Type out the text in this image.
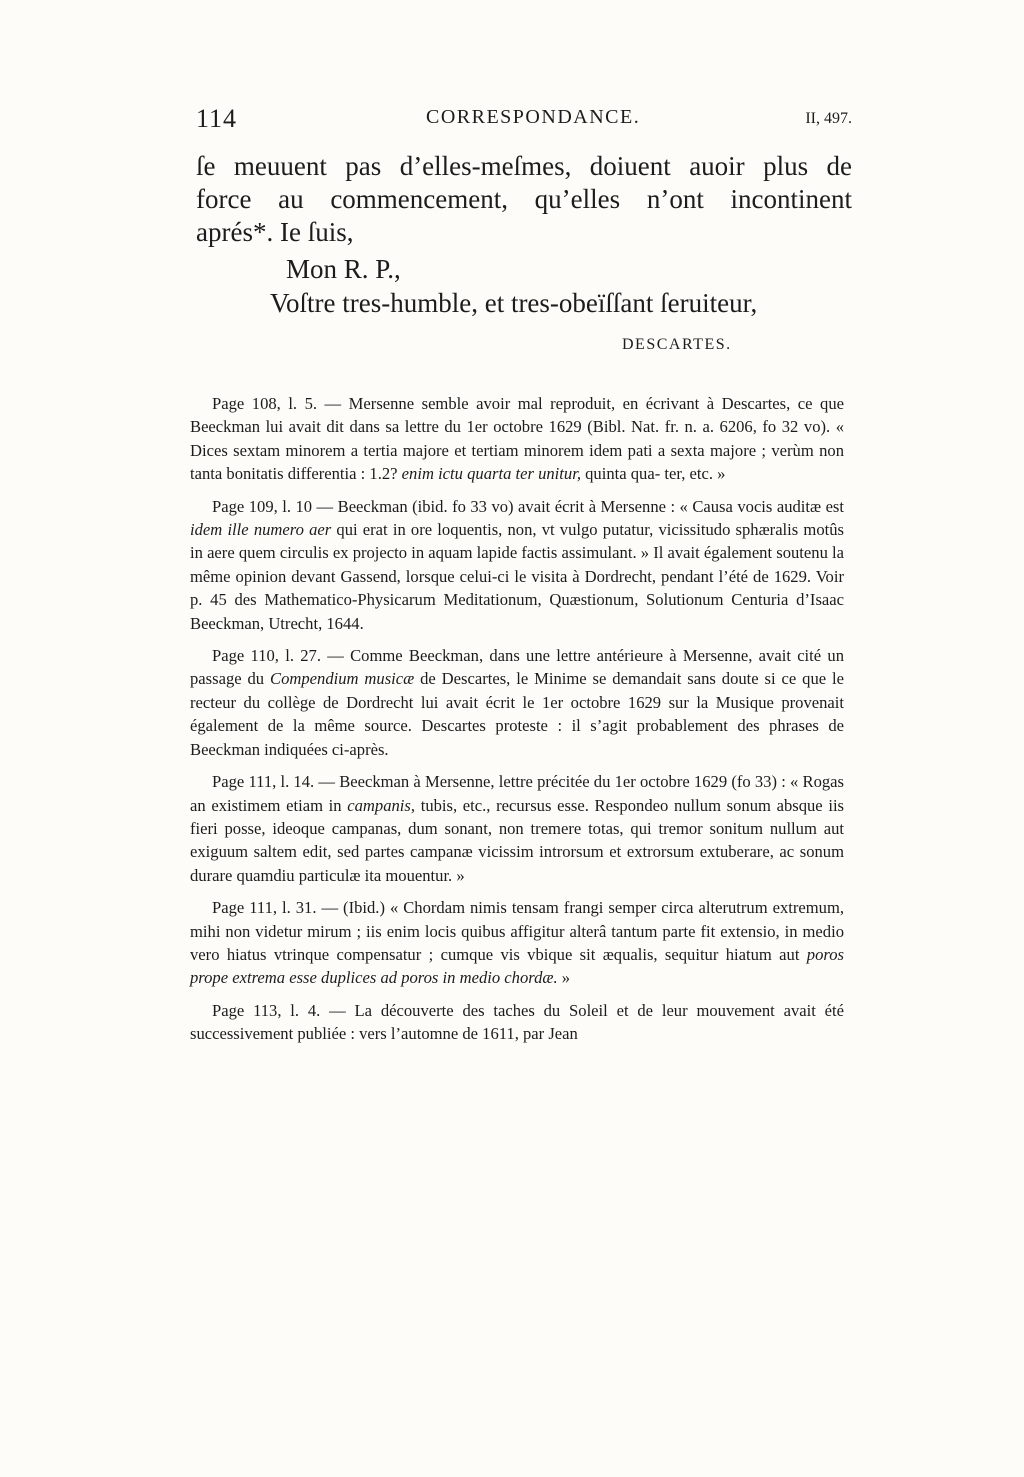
114	CORRESPONDANCE.	II, 497.
ſe meuuent pas d’elles-meſmes, doiuent auoir plus de
force au commencement, qu’elles n’ont incontinent
aprés*. Ie ſuis,
Mon R. P.,
Voſtre tres-humble, et tres-obeïſſant ſeruiteur,
DESCARTES.

Page 108, l. 5. — Mersenne semble avoir mal reproduit, en écrivant à Descartes, ce que Beeckman lui avait dit dans sa lettre du 1er octobre 1629 (Bibl. Nat. fr. n. a. 6206, fo 32 vo). « Dices sextam minorem a tertia majore et tertiam minorem idem pati a sexta majore ; verùm non tanta bonitatis differentia : 1.2? enim ictu quarta ter unitur, quinta qua- ter, etc. »

Page 109, l. 10 — Beeckman (ibid. fo 33 vo) avait écrit à Mersenne : « Causa vocis auditæ est idem ille numero aer qui erat in ore loquentis, non, vt vulgo putatur, vicissitudo sphæralis motûs in aere quem circulis ex projecto in aquam lapide factis assimulant. » Il avait également soutenu la même opinion devant Gassend, lorsque celui-ci le visita à Dordrecht, pendant l’été de 1629. Voir p. 45 des Mathematico-Physicarum Meditationum, Quæstionum, Solutionum Centuria d’Isaac Beeckman, Utrecht, 1644.

Page 110, l. 27. — Comme Beeckman, dans une lettre antérieure à Mersenne, avait cité un passage du Compendium musicæ de Descartes, le Minime se demandait sans doute si ce que le recteur du collège de Dordrecht lui avait écrit le 1er octobre 1629 sur la Musique provenait également de la même source. Descartes proteste : il s’agit probablement des phrases de Beeckman indiquées ci-après.

Page 111, l. 14. — Beeckman à Mersenne, lettre précitée du 1er octobre 1629 (fo 33) : « Rogas an existimem etiam in campanis, tubis, etc., recursus esse. Respondeo nullum sonum absque iis fieri posse, ideoque campanas, dum sonant, non tremere totas, qui tremor sonitum nullum aut exiguum saltem edit, sed partes campanæ vicissim introrsum et extrorsum extuberare, ac sonum durare quamdiu particulæ ita mouentur. »

Page 111, l. 31. — (Ibid.) « Chordam nimis tensam frangi semper circa alterutrum extremum, mihi non videtur mirum ; iis enim locis quibus affigitur alterâ tantum parte fit extensio, in medio vero hiatus vtrinque compensatur ; cumque vis vbique sit æqualis, sequitur hiatum aut poros prope extrema esse duplices ad poros in medio chordæ. »

Page 113, l. 4. — La découverte des taches du Soleil et de leur mouvement avait été successivement publiée : vers l’automne de 1611, par Jean
